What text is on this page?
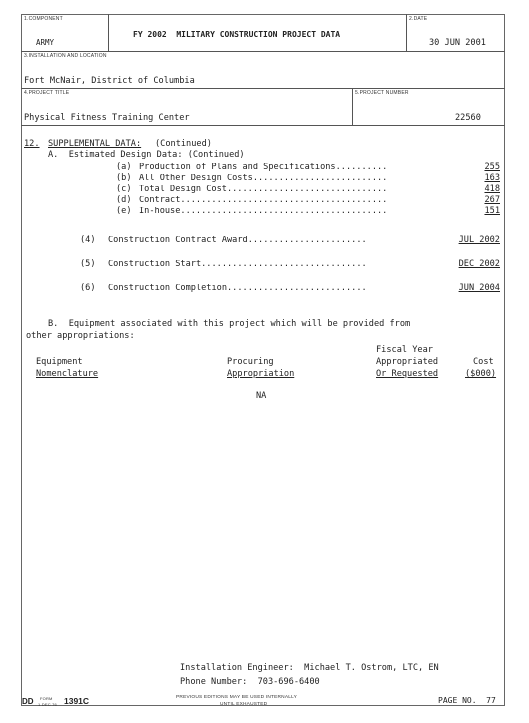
1.COMPONENT
ARMY
FY 2002  MILITARY CONSTRUCTION PROJECT DATA
2.DATE
30 JUN 2001
3.INSTALLATION AND LOCATION
Fort McNair, District of Columbia
4.PROJECT TITLE
Physical Fitness Training Center
5.PROJECT NUMBER
22560
12. SUPPLEMENTAL DATA: (Continued)
A.  Estimated Design Data: (Continued)
(a) Production of Plans and Specifications..........	255
(b) All Other Design Costs..........................	163
(c) Total Design Cost...............................	418
(d) Contract........................................	267
(e) In-house........................................	151
(4) Construction Contract Award.......................	JUL 2002
(5) Construction Start................................	DEC 2002
(6) Construction Completion...........................	JUN 2004
B.  Equipment associated with this project which will be provided from
other appropriations:
Fiscal Year
Equipment	Procuring	Appropriated	Cost
Nomenclature	Appropriation	Or Requested	($000)
NA
Installation Engineer:  Michael T. Ostrom, LTC, EN
Phone Number:  703-696-6400
DD FORM
1 DEC 76 1391C	PREVIOUS EDITIONS MAY BE USED INTERNALLY
UNTIL EXHAUSTED	PAGE NO.  77
